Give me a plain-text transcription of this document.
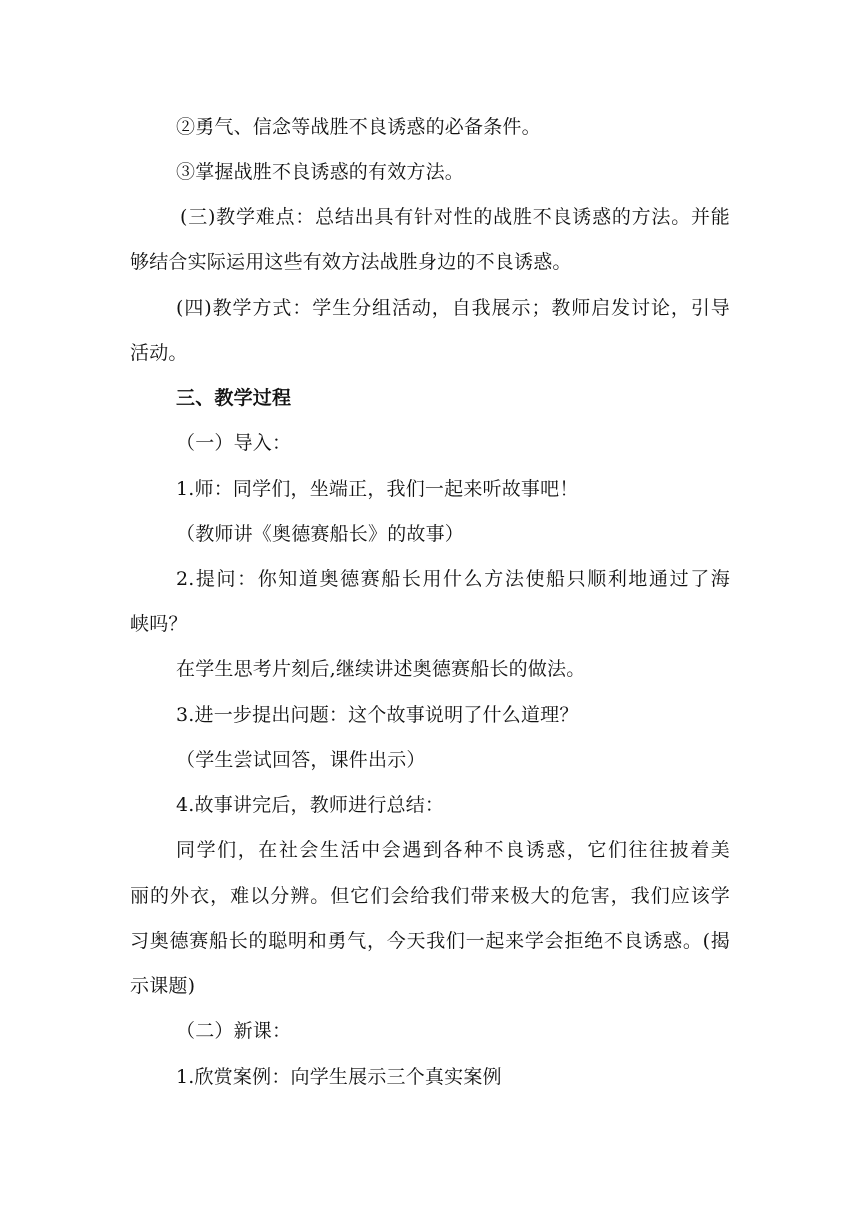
②勇气、信念等战胜不良诱惑的必备条件。
③掌握战胜不良诱惑的有效方法。
(三)教学难点：总结出具有针对性的战胜不良诱惑的方法。并能
够结合实际运用这些有效方法战胜身边的不良诱惑。
(四)教学方式：学生分组活动，自我展示；教师启发讨论，引导
活动。
三、教学过程
（一）导入：
1.师：同学们，坐端正，我们一起来听故事吧！
（教师讲《奥德赛船长》的故事）
2.提问：你知道奥德赛船长用什么方法使船只顺利地通过了海
峡吗？
在学生思考片刻后,继续讲述奥德赛船长的做法。
3.进一步提出问题：这个故事说明了什么道理？
（学生尝试回答，课件出示）
4.故事讲完后，教师进行总结：
同学们，在社会生活中会遇到各种不良诱惑，它们往往披着美
丽的外衣，难以分辨。但它们会给我们带来极大的危害，我们应该学
习奥德赛船长的聪明和勇气，今天我们一起来学会拒绝不良诱惑。(揭
示课题)
（二）新课：
1.欣赏案例：向学生展示三个真实案例
